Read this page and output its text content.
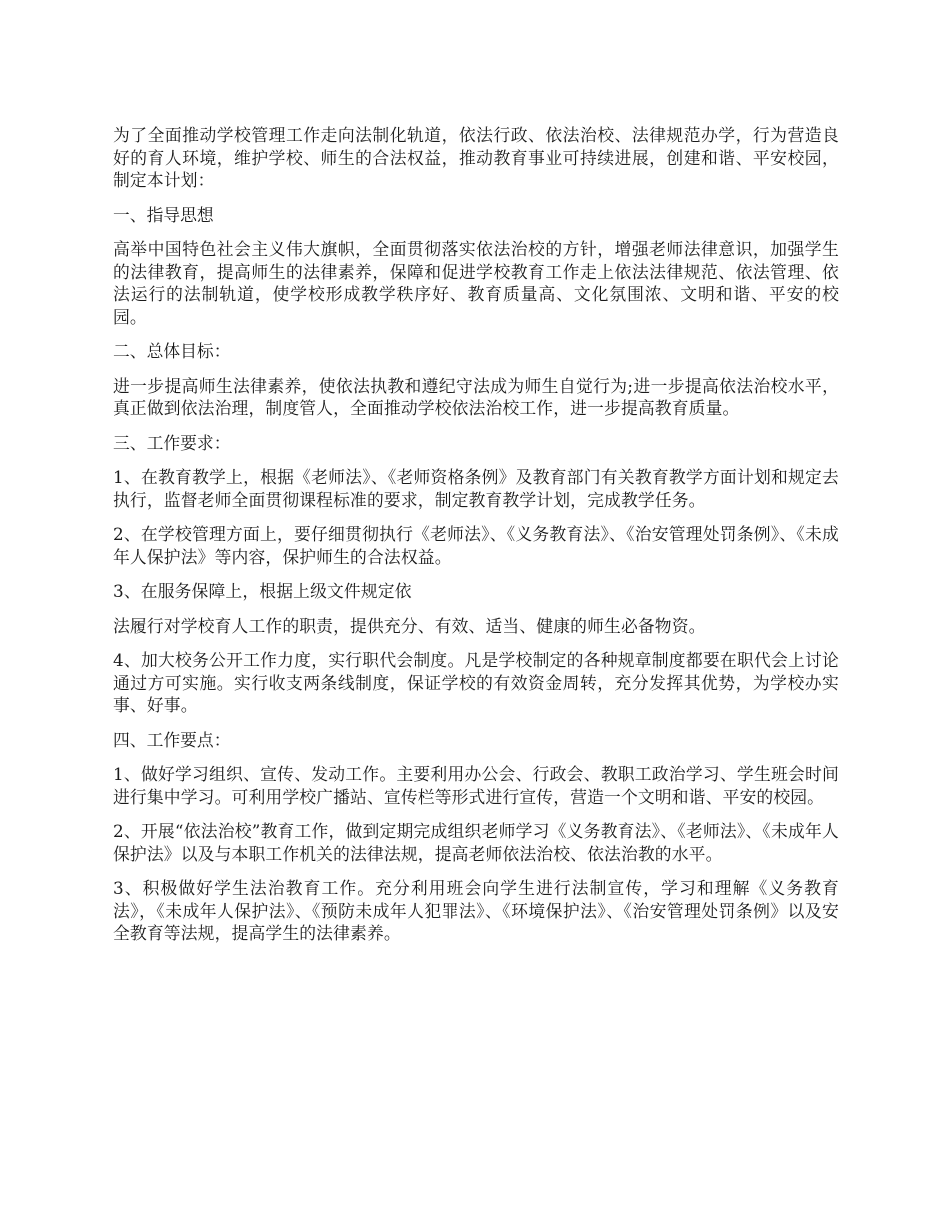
为了全面推动学校管理工作走向法制化轨道，依法行政、依法治校、法律规范办学，行为营造良好的育人环境，维护学校、师生的合法权益，推动教育事业可持续进展，创建和谐、平安校园，制定本计划：

一、指导思想

高举中国特色社会主义伟大旗帜，全面贯彻落实依法治校的方针，增强老师法律意识，加强学生的法律教育，提高师生的法律素养，保障和促进学校教育工作走上依法法律规范、依法管理、依法运行的法制轨道，使学校形成教学秩序好、教育质量高、文化氛围浓、文明和谐、平安的校园。

二、总体目标：

进一步提高师生法律素养，使依法执教和遵纪守法成为师生自觉行为;进一步提高依法治校水平，真正做到依法治理，制度管人，全面推动学校依法治校工作，进一步提高教育质量。

三、工作要求：

1、在教育教学上，根据《老师法》、《老师资格条例》及教育部门有关教育教学方面计划和规定去执行，监督老师全面贯彻课程标准的要求，制定教育教学计划，完成教学任务。

2、在学校管理方面上，要仔细贯彻执行《老师法》、《义务教育法》、《治安管理处罚条例》、《未成年人保护法》等内容，保护师生的合法权益。

3、在服务保障上，根据上级文件规定依

法履行对学校育人工作的职责，提供充分、有效、适当、健康的师生必备物资。

4、加大校务公开工作力度，实行职代会制度。凡是学校制定的各种规章制度都要在职代会上讨论通过方可实施。实行收支两条线制度，保证学校的有效资金周转，充分发挥其优势，为学校办实事、好事。

四、工作要点：

1、做好学习组织、宣传、发动工作。主要利用办公会、行政会、教职工政治学习、学生班会时间进行集中学习。可利用学校广播站、宣传栏等形式进行宣传，营造一个文明和谐、平安的校园。

2、开展“依法治校”教育工作，做到定期完成组织老师学习《义务教育法》、《老师法》、《未成年人保护法》以及与本职工作机关的法律法规，提高老师依法治校、依法治教的水平。

3、积极做好学生法治教育工作。充分利用班会向学生进行法制宣传，学习和理解《义务教育法》，《未成年人保护法》、《预防未成年人犯罪法》、《环境保护法》、《治安管理处罚条例》以及安全教育等法规，提高学生的法律素养。
